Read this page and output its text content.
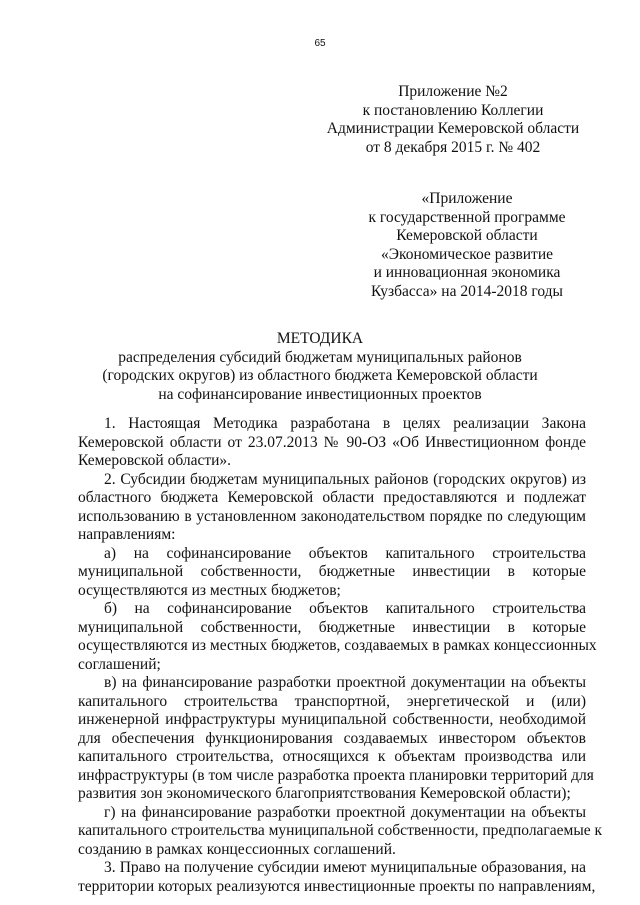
65
Приложение №2
к постановлению Коллегии
Администрации Кемеровской области
от 8 декабря 2015 г. № 402
«Приложение
к государственной программе
Кемеровской области
«Экономическое развитие
и инновационная экономика
Кузбасса» на 2014-2018 годы
МЕТОДИКА
распределения субсидий бюджетам муниципальных районов
(городских округов) из областного бюджета Кемеровской области
на софинансирование инвестиционных проектов
1. Настоящая Методика разработана в целях реализации Закона
Кемеровской области от 23.07.2013 № 90-ОЗ «Об Инвестиционном фонде
Кемеровской области».
2. Субсидии бюджетам муниципальных районов (городских округов) из
областного бюджета Кемеровской области предоставляются и подлежат
использованию в установленном законодательством порядке по следующим
направлениям:
а) на софинансирование объектов капитального строительства
муниципальной собственности, бюджетные инвестиции в которые
осуществляются из местных бюджетов;
б) на софинансирование объектов капитального строительства
муниципальной собственности, бюджетные инвестиции в которые
осуществляются из местных бюджетов, создаваемых в рамках концессионных
соглашений;
в) на финансирование разработки проектной документации на объекты
капитального строительства транспортной, энергетической и (или)
инженерной инфраструктуры муниципальной собственности, необходимой
для обеспечения функционирования создаваемых инвестором объектов
капитального строительства, относящихся к объектам производства или
инфраструктуры (в том числе разработка проекта планировки территорий для
развития зон экономического благоприятствования Кемеровской области);
г) на финансирование разработки проектной документации на объекты
капитального строительства муниципальной собственности, предполагаемые к
созданию в рамках концессионных соглашений.
3. Право на получение субсидии имеют муниципальные образования, на
территории которых реализуются инвестиционные проекты по направлениям,
